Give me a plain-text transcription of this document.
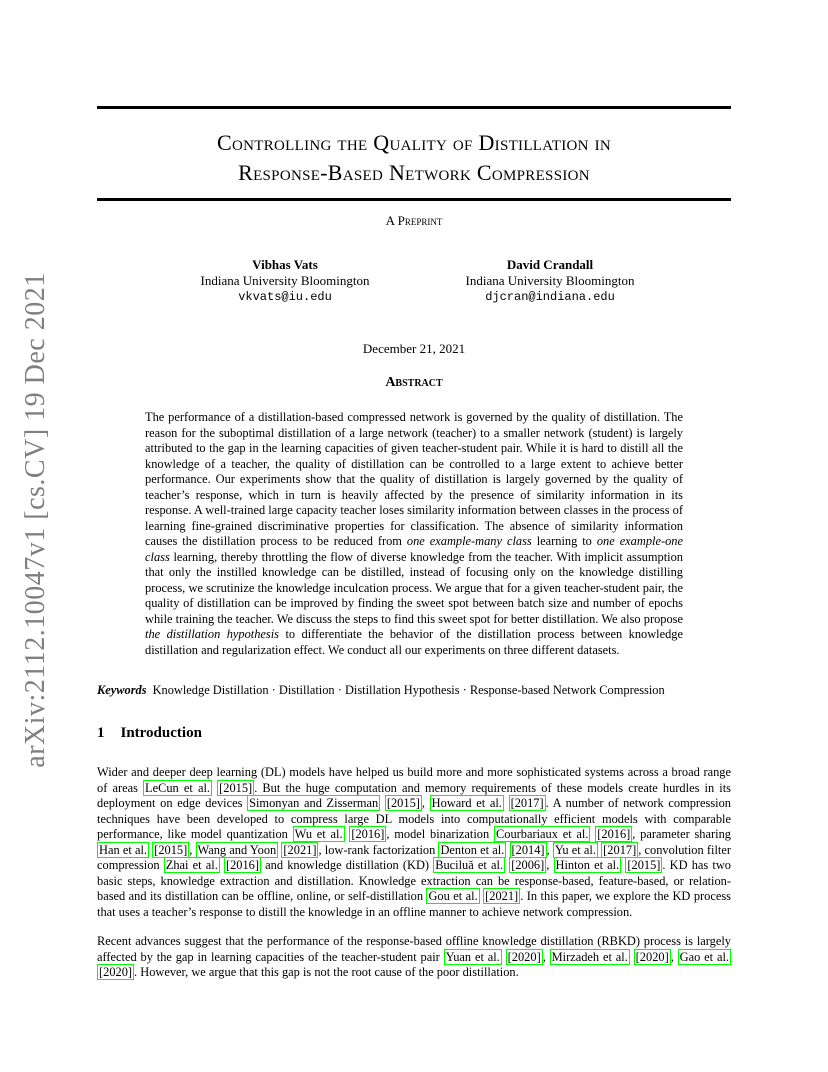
arXiv:2112.10047v1 [cs.CV] 19 Dec 2021
Controlling the Quality of Distillation in
Response-Based Network Compression
A Preprint
Vibhas Vats
Indiana University Bloomington
vkvats@iu.edu
David Crandall
Indiana University Bloomington
djcran@indiana.edu
December 21, 2021
Abstract
The performance of a distillation-based compressed network is governed by the quality of distillation. The reason for the suboptimal distillation of a large network (teacher) to a smaller network (student) is largely attributed to the gap in the learning capacities of given teacher-student pair. While it is hard to distill all the knowledge of a teacher, the quality of distillation can be controlled to a large extent to achieve better performance. Our experiments show that the quality of distillation is largely governed by the quality of teacher’s response, which in turn is heavily affected by the presence of similarity information in its response. A well-trained large capacity teacher loses similarity information between classes in the process of learning fine-grained discriminative properties for classification. The absence of similarity information causes the distillation process to be reduced from one example-many class learning to one example-one class learning, thereby throttling the flow of diverse knowledge from the teacher. With implicit assumption that only the instilled knowledge can be distilled, instead of focusing only on the knowledge distilling process, we scrutinize the knowledge inculcation process. We argue that for a given teacher-student pair, the quality of distillation can be improved by finding the sweet spot between batch size and number of epochs while training the teacher. We discuss the steps to find this sweet spot for better distillation. We also propose the distillation hypothesis to differentiate the behavior of the distillation process between knowledge distillation and regularization effect. We conduct all our experiments on three different datasets.
Keywords Knowledge Distillation · Distillation · Distillation Hypothesis · Response-based Network Compression
1 Introduction
Wider and deeper deep learning (DL) models have helped us build more and more sophisticated systems across a broad range of areas LeCun et al. [2015] . But the huge computation and memory requirements of these models create hurdles in its deployment on edge devices Simonyan and Zisserman [2015] , Howard et al. [2017] . A number of network compression techniques have been developed to compress large DL models into computationally efficient models with comparable performance, like model quantization Wu et al. [2016] , model binarization Courbariaux et al. [2016] , parameter sharing Han et al. [2015] , Wang and Yoon [2021] , low-rank factorization Denton et al. [2014] , Yu et al. [2017] , convolution filter compression Zhai et al. [2016] and knowledge distillation (KD) Buciluǎ et al. [2006] , Hinton et al. [2015] . KD has two basic steps, knowledge extraction and distillation. Knowledge extraction can be response-based, feature-based, or relation-based and its distillation can be offline, online, or self-distillation Gou et al. [2021] . In this paper, we explore the KD process that uses a teacher’s response to distill the knowledge in an offline manner to achieve network compression.
Recent advances suggest that the performance of the response-based offline knowledge distillation (RBKD) process is largely affected by the gap in learning capacities of the teacher-student pair Yuan et al. [2020] , Mirzadeh et al. [2020] , Gao et al. [2020] . However, we argue that this gap is not the root cause of the poor distillation.
